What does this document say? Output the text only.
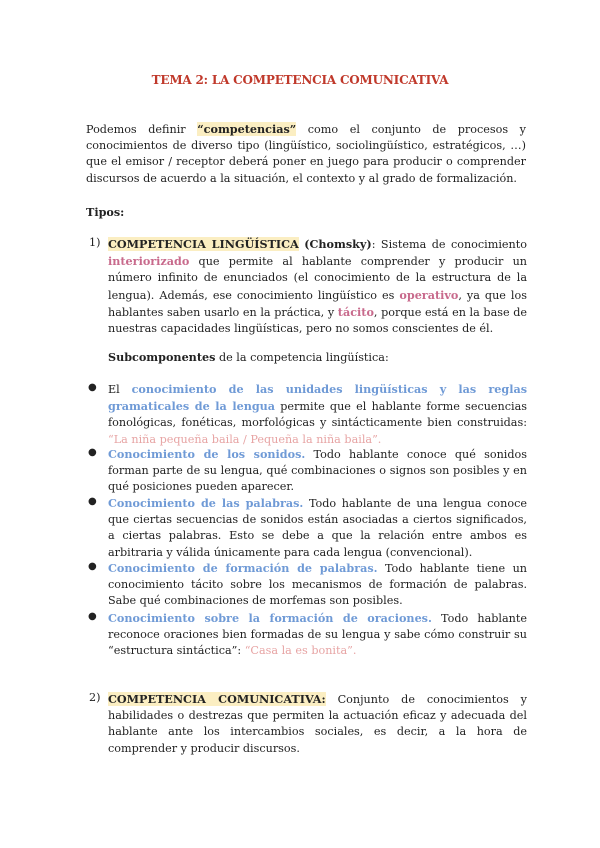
TEMA 2: LA COMPETENCIA COMUNICATIVA

Podemos definir “competencias” como el conjunto de procesos y conocimientos de diverso tipo (lingüístico, sociolingüístico, estratégicos, …) que el emisor / receptor deberá poner en juego para producir o comprender discursos de acuerdo a la situación, el contexto y al grado de formalización.

Tipos:
1) COMPETENCIA LINGÜÍSTICA (Chomsky): Sistema de conocimiento interiorizado que permite al hablante comprender y producir un número infinito de enunciados (el conocimiento de la estructura de la lengua). Además, ese conocimiento lingüístico es operativo, ya que los hablantes saben usarlo en la práctica, y tácito, porque está en la base de nuestras capacidades lingüísticas, pero no somos conscientes de él.

Subcomponentes de la competencia lingüística:

● El conocimiento de las unidades lingüísticas y las reglas gramaticales de la lengua permite que el hablante forme secuencias fonológicas, fonéticas, morfológicas y sintácticamente bien construidas: “La niña pequeña baila / Pequeña la niña baila”.

● Conocimiento de los sonidos. Todo hablante conoce qué sonidos forman parte de su lengua, qué combinaciones o signos son posibles y en qué posiciones pueden aparecer.

● Conocimiento de las palabras. Todo hablante de una lengua conoce que ciertas secuencias de sonidos están asociadas a ciertos significados, a ciertas palabras. Esto se debe a que la relación entre ambos es arbitraria y válida únicamente para cada lengua (convencional).

● Conocimiento de formación de palabras. Todo hablante tiene un conocimiento tácito sobre los mecanismos de formación de palabras. Sabe qué combinaciones de morfemas son posibles.

● Conocimiento sobre la formación de oraciones. Todo hablante reconoce oraciones bien formadas de su lengua y sabe cómo construir su “estructura sintáctica”: “Casa la es bonita”.

2) COMPETENCIA COMUNICATIVA: Conjunto de conocimientos y habilidades o destrezas que permiten la actuación eficaz y adecuada del hablante ante los intercambios sociales, es decir, a la hora de comprender y producir discursos.
